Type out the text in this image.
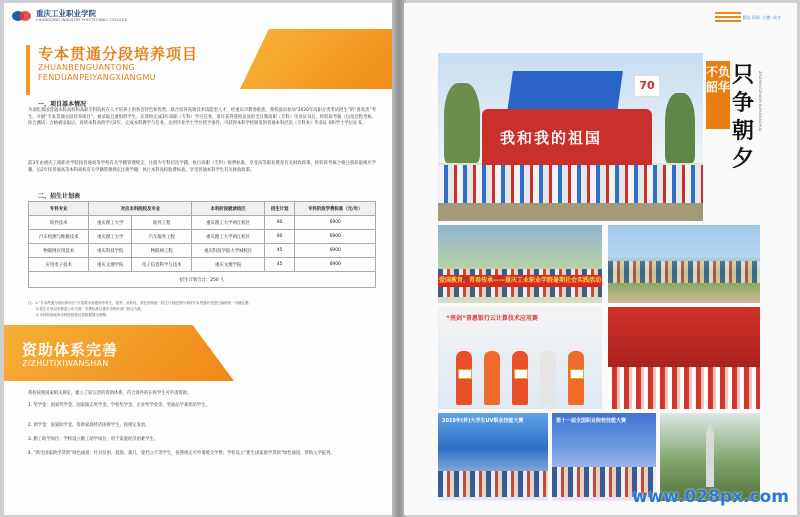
重庆工业职业学院
CHONGQING INDUSTRY POLYTECHNIC COLLEGE
专本贯通分段培养项目
ZHUANBENGUANTONG
FENDUANPEIYANGXIANGMU
一、项目基本情况
为深化我国普通本科高校和高职专科院校在人才培养上的各自特色和优势，联合培养高端技术技能型人才，经重庆市教委批准，我校面向参加“2020年高职分类考试招生”的“普高类”考生，开展“专本贯通分段培养项目”，被录取且重组的学生，在我校完成3年高职（专科）学习任务，准许获得我校发放的全日制高职（专科）毕业证书后，经转段考核（包括过程考核、综合测试）合格被录取后，再转本科高校学习2年，完成本科教学与任务，达到毕业学士学位授予条件，可获得本科学校颁发的普通本科层次（专科本）毕业证书和学士学位证书。
前3年由重庆工商职业学院按普通高等学校有关学籍管理规定，注册为专科层次学籍，执行高职（专科）收费标准，享受高等职业教育有关财政政策，经转段考核合格注册获取相应学籍，后2年按普通高等本科高校有关学籍管理规定注册学籍，执行本科高校收费标准，享受普通本科学生有关财政政策。
二、招生计划表
专科专业	对应本科院校及专业		本科阶段就读校区	招生计划	专科阶段学费标准（元/年）
软件技术	重庆理工大学	软件工程	重庆理工大学两江校区	80	6900
汽车检测与维修技术	重庆理工大学	汽车服务工程	重庆理工大学两江校区	80	6900
物联网应用技术	重庆科技学院	物联网工程	重庆科技学院大学城校区	45	6900
应用电子技术	重庆文理学院	电子信息科学与技术	重庆文理学院	45	6900
招生计划合计：250 人					
注：1.“专本贯通分段培养项目”只招我市普通高考考生，报考、录取后，须在国家统一招生计划范围内本校专本贯通计划进行编码统一学籍注册。
2.招生计划以市教委公布为准；学费标准以重庆市物价部门核定为准。
3.本科阶段就读本科院校校区将根据情况调整。
资助体系完善
ZIZHUTIXIWANSHAN
我校按照国家相关规定，建立了较完善的资助体系，符合条件的在校学生可申请资助。
1. 奖学金：国家奖学金、国家励志奖学金、学校奖学金、企业奖学金等，奖励品学兼优的学生。
2. 助学金：国家助学金，资助家庭经济困难学生，按规定发放。
3. 勤工助学岗位：学校设立勤工助学岗位，用于家庭经济困难学生。
4. “新生国家助学贷款”绿色通道：针对贫困、低保、孤儿、建档立卡等学生，按照规定可申请缓交学费；学校设立“新生国家助学贷款”绿色通道，帮助入学报到。
精品 资助 ·立德 ·成才
我和我的祖国
70
不负韶华 只争朝夕
ZHIZHENGZHAOXI BUFUSHAOHUA
爱国教育，青春传承——重庆工业职业学院暑期社会实践活动
“亮剑”普惠银行云计算技术应用赛
2019年(杯)大学生UV职业技能大赛	第十一届全国职业院校技能大赛
www.028px.com
